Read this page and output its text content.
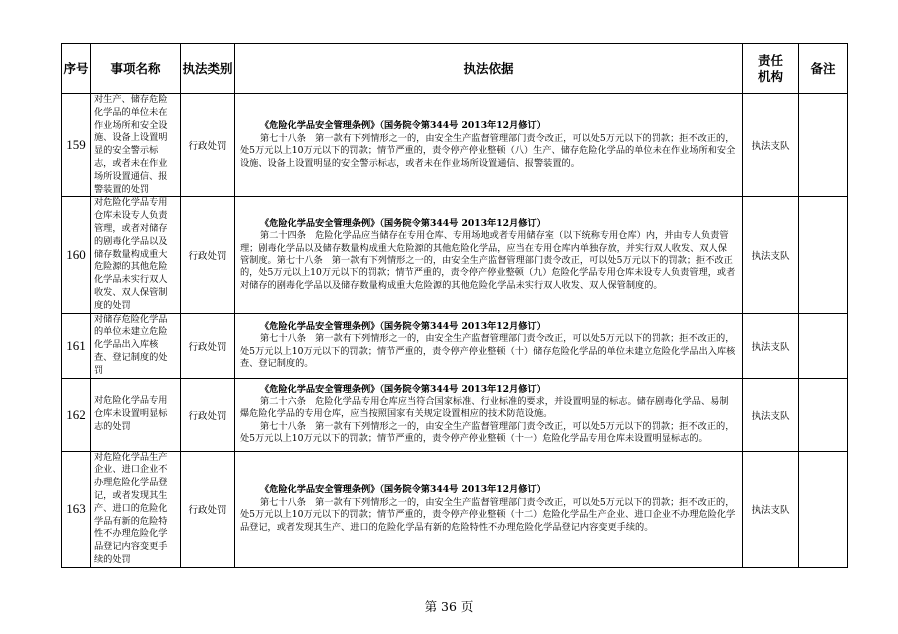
序号	事项名称	执法类别	执法依据	责任
机构	备注
159	对生产、储存危险化学品的单位未在作业场所和安全设施、设备上设置明显的安全警示标志，或者未在作业场所设置通信、报警装置的处罚	行政处罚	《危险化学品安全管理条例》（国务院令第344号 2013年12月修订）
第七十八条　第一款有下列情形之一的，由安全生产监督管理部门责令改正，可以处5万元以下的罚款；拒不改正的，处5万元以上10万元以下的罚款；情节严重的，责令停产停业整顿（八）生产、储存危险化学品的单位未在作业场所和安全设施、设备上设置明显的安全警示标志，或者未在作业场所设置通信、报警装置的。	执法支队	
160	对危险化学品专用仓库未设专人负责管理，或者对储存的剧毒化学品以及储存数量构成重大危险源的其他危险化学品未实行双人收发、双人保管制度的处罚	行政处罚	《危险化学品安全管理条例》（国务院令第344号 2013年12月修订）
第二十四条　危险化学品应当储存在专用仓库、专用场地或者专用储存室（以下统称专用仓库）内，并由专人负责管理；剧毒化学品以及储存数量构成重大危险源的其他危险化学品，应当在专用仓库内单独存放，并实行双人收发、双人保管制度。第七十八条　第一款有下列情形之一的，由安全生产监督管理部门责令改正，可以处5万元以下的罚款；拒不改正的，处5万元以上10万元以下的罚款；情节严重的，责令停产停业整顿（九）危险化学品专用仓库未设专人负责管理，或者对储存的剧毒化学品以及储存数量构成重大危险源的其他危险化学品未实行双人收发、双人保管制度的。	执法支队	
161	对储存危险化学品的单位未建立危险化学品出入库核查、登记制度的处罚	行政处罚	《危险化学品安全管理条例》（国务院令第344号 2013年12月修订）
第七十八条　第一款有下列情形之一的，由安全生产监督管理部门责令改正，可以处5万元以下的罚款；拒不改正的，处5万元以上10万元以下的罚款；情节严重的，责令停产停业整顿（十）储存危险化学品的单位未建立危险化学品出入库核查、登记制度的。	执法支队	
162	对危险化学品专用仓库未设置明显标志的处罚	行政处罚	《危险化学品安全管理条例》（国务院令第344号 2013年12月修订）
第二十六条　危险化学品专用仓库应当符合国家标准、行业标准的要求，并设置明显的标志。储存剧毒化学品、易制爆危险化学品的专用仓库，应当按照国家有关规定设置相应的技术防范设施。
第七十八条　第一款有下列情形之一的，由安全生产监督管理部门责令改正，可以处5万元以下的罚款；拒不改正的，处5万元以上10万元以下的罚款；情节严重的，责令停产停业整顿（十一）危险化学品专用仓库未设置明显标志的。	执法支队	
163	对危险化学品生产企业、进口企业不办理危险化学品登记，或者发现其生产、进口的危险化学品有新的危险特性不办理危险化学品登记内容变更手续的处罚	行政处罚	《危险化学品安全管理条例》（国务院令第344号 2013年12月修订）
第七十八条　第一款有下列情形之一的，由安全生产监督管理部门责令改正，可以处5万元以下的罚款；拒不改正的，处5万元以上10万元以下的罚款；情节严重的，责令停产停业整顿（十二）危险化学品生产企业、进口企业不办理危险化学品登记，或者发现其生产、进口的危险化学品有新的危险特性不办理危险化学品登记内容变更手续的。	执法支队	
第 36 页
